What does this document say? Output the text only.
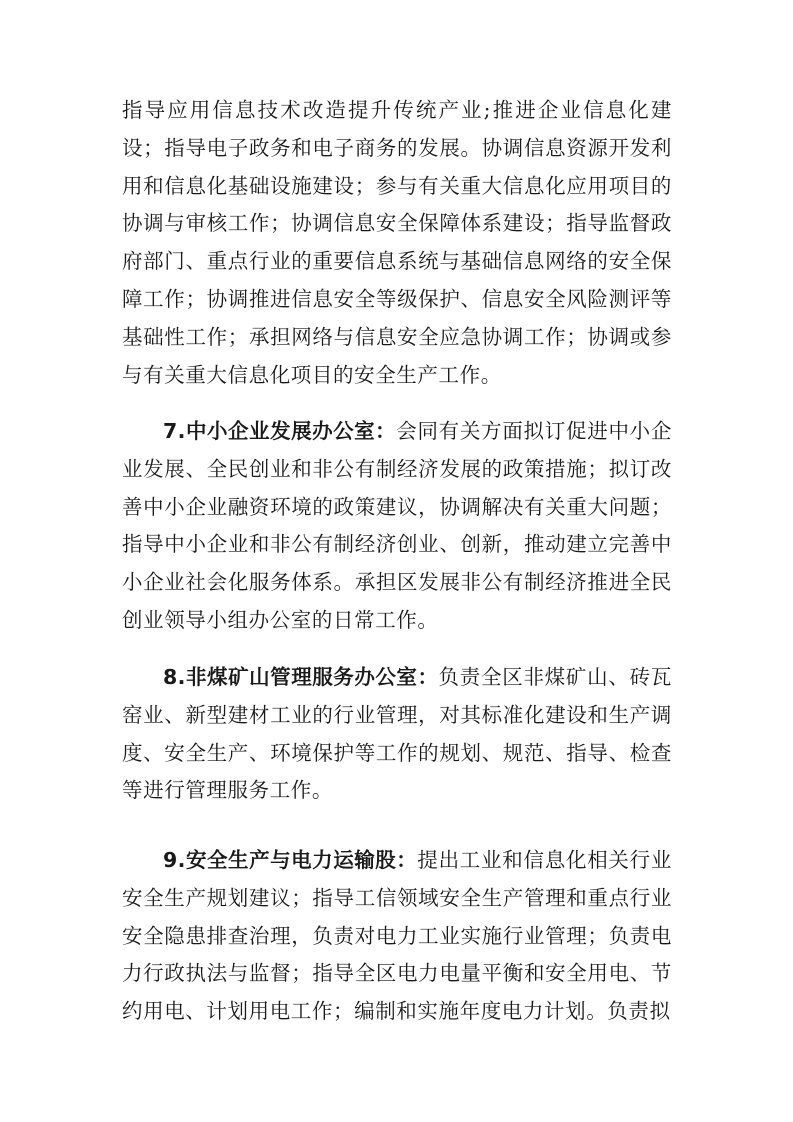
指导应用信息技术改造提升传统产业;推进企业信息化建设；指导电子政务和电子商务的发展。协调信息资源开发利用和信息化基础设施建设；参与有关重大信息化应用项目的协调与审核工作；协调信息安全保障体系建设；指导监督政府部门、重点行业的重要信息系统与基础信息网络的安全保障工作；协调推进信息安全等级保护、信息安全风险测评等基础性工作；承担网络与信息安全应急协调工作；协调或参与有关重大信息化项目的安全生产工作。

7.中小企业发展办公室：会同有关方面拟订促进中小企业发展、全民创业和非公有制经济发展的政策措施；拟订改善中小企业融资环境的政策建议，协调解决有关重大问题；指导中小企业和非公有制经济创业、创新，推动建立完善中小企业社会化服务体系。承担区发展非公有制经济推进全民创业领导小组办公室的日常工作。

8.非煤矿山管理服务办公室：负责全区非煤矿山、砖瓦窑业、新型建材工业的行业管理，对其标准化建设和生产调度、安全生产、环境保护等工作的规划、规范、指导、检查等进行管理服务工作。

9.安全生产与电力运输股：提出工业和信息化相关行业安全生产规划建议；指导工信领域安全生产管理和重点行业安全隐患排查治理，负责对电力工业实施行业管理；负责电力行政执法与监督；指导全区电力电量平衡和安全用电、节约用电、计划用电工作；编制和实施年度电力计划。负责拟
